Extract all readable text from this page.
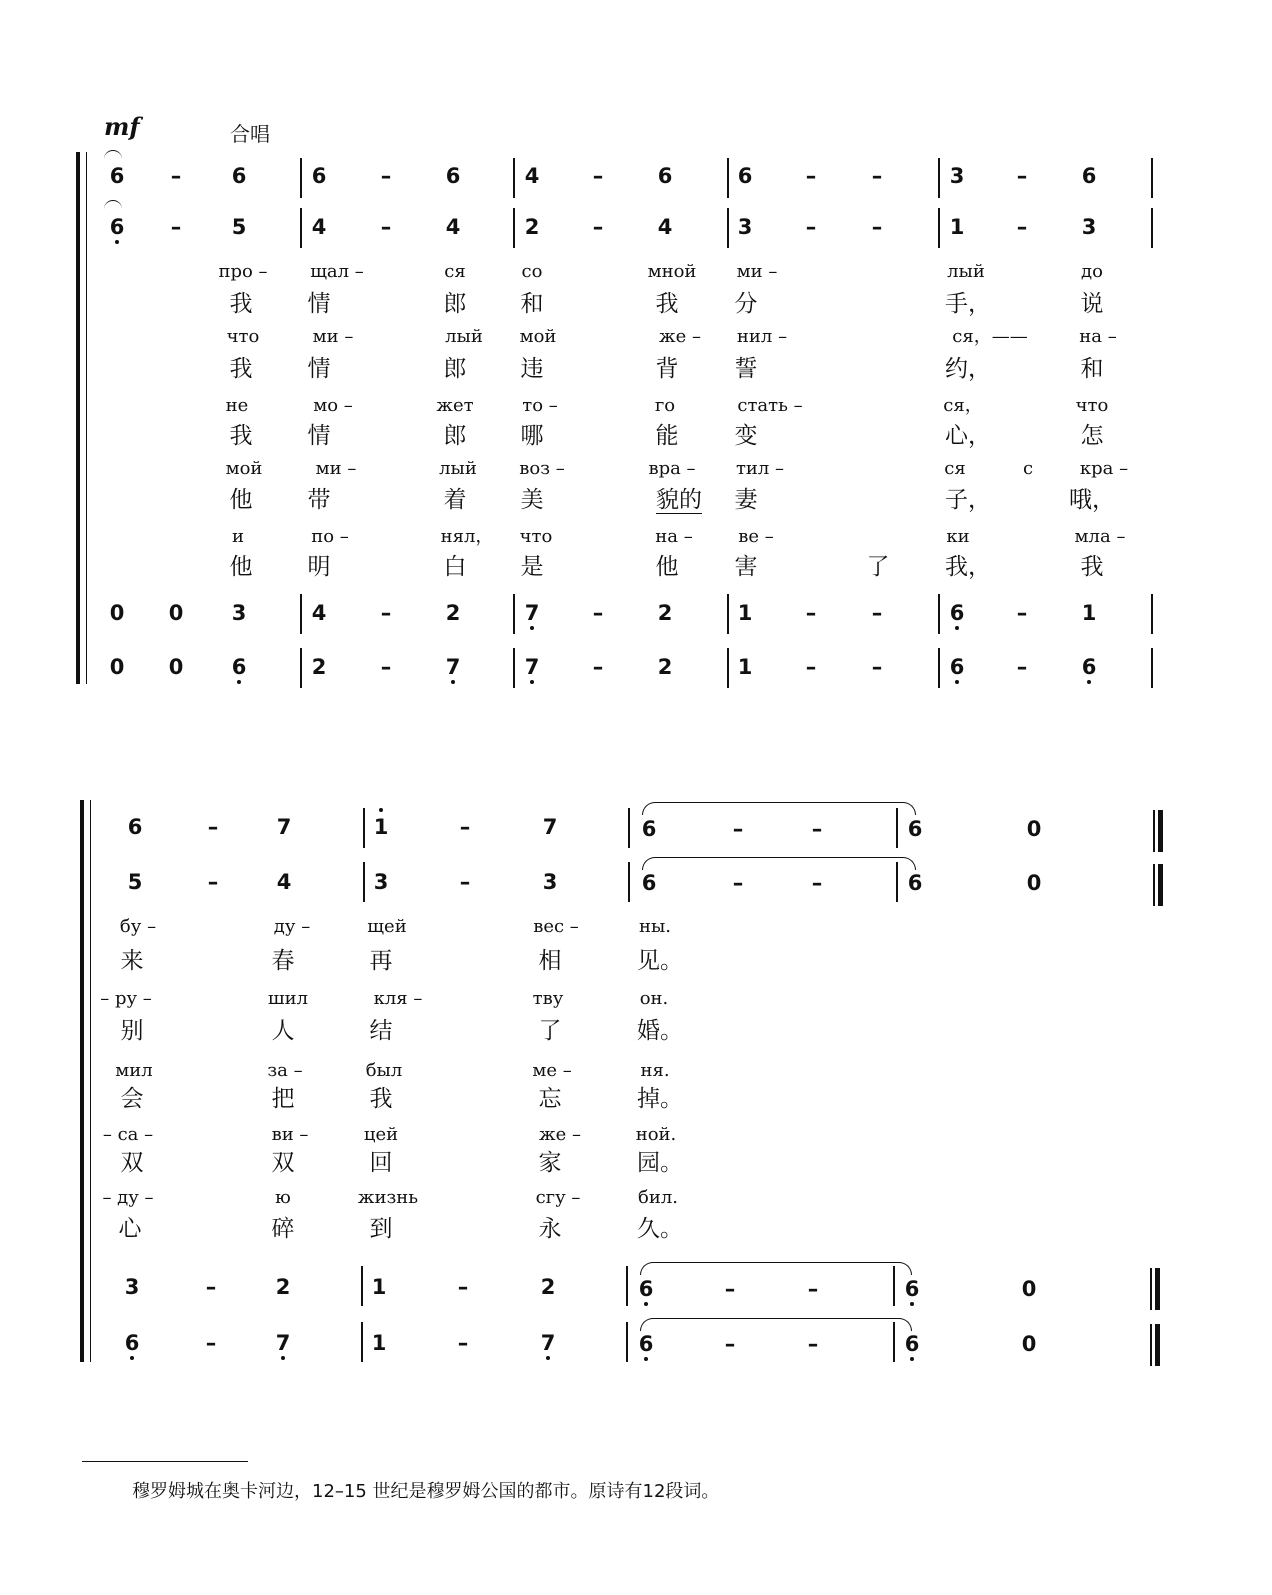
mf	合唱
6 – 6	6	–	6	4	–	6	6	–	–	3 –	6
6 – 5	4	–	4	2	–	4	3	–	–	1 –	3
про – щал –	ся	со	мной ми –	лый	до
我 情	郎 和	我 分	手，	说
что	ми –	лый мой	же – нил –	ся，——	на –
我 情	郎 违	背 誓	约，	和
не	мо –	жет	то –	го	стать –	ся，	что
我 情	郎 哪	能 变	心，	怎
мой	ми –	лый воз –	вра – тил –	ся	с	кра –
他 带	着 美	貌的 妻	子，	哦，
и	по –	нял， что	на –	ве –	ки	мла –
他 明	白 是	他 害	了 我，	我
0 0 3	4	–	2	7	–	2	1	–	–	6 –	1
0 0 6	2	–	7	7	–	2	1	–	–	6 –	6
6	–	7	1	–	7	6	–	–	6	0
5	–	4	3	–	3	6	–	–	6	0
бу –	ду –	щей	вес –	ны.
来	春	再	相	见。
– ру –	шил	кля –	тву	он.
别	人	结	了	婚。
мил	за –	был	ме –	ня.
会	把	我	忘	掉。
– са –	ви –	цей	же –	ной.
双	双	回	家	园。
– ду –	ю	жизнь	сгу –	бил.
心	碎	到	永	久。
3	–	2	1	–	2	6	–	–	6	0
6	–	7	1	–	7	6	–	–	6	0
穆罗姆城在奥卡河边，12–15 世纪是穆罗姆公国的都市。原诗有12段词。
